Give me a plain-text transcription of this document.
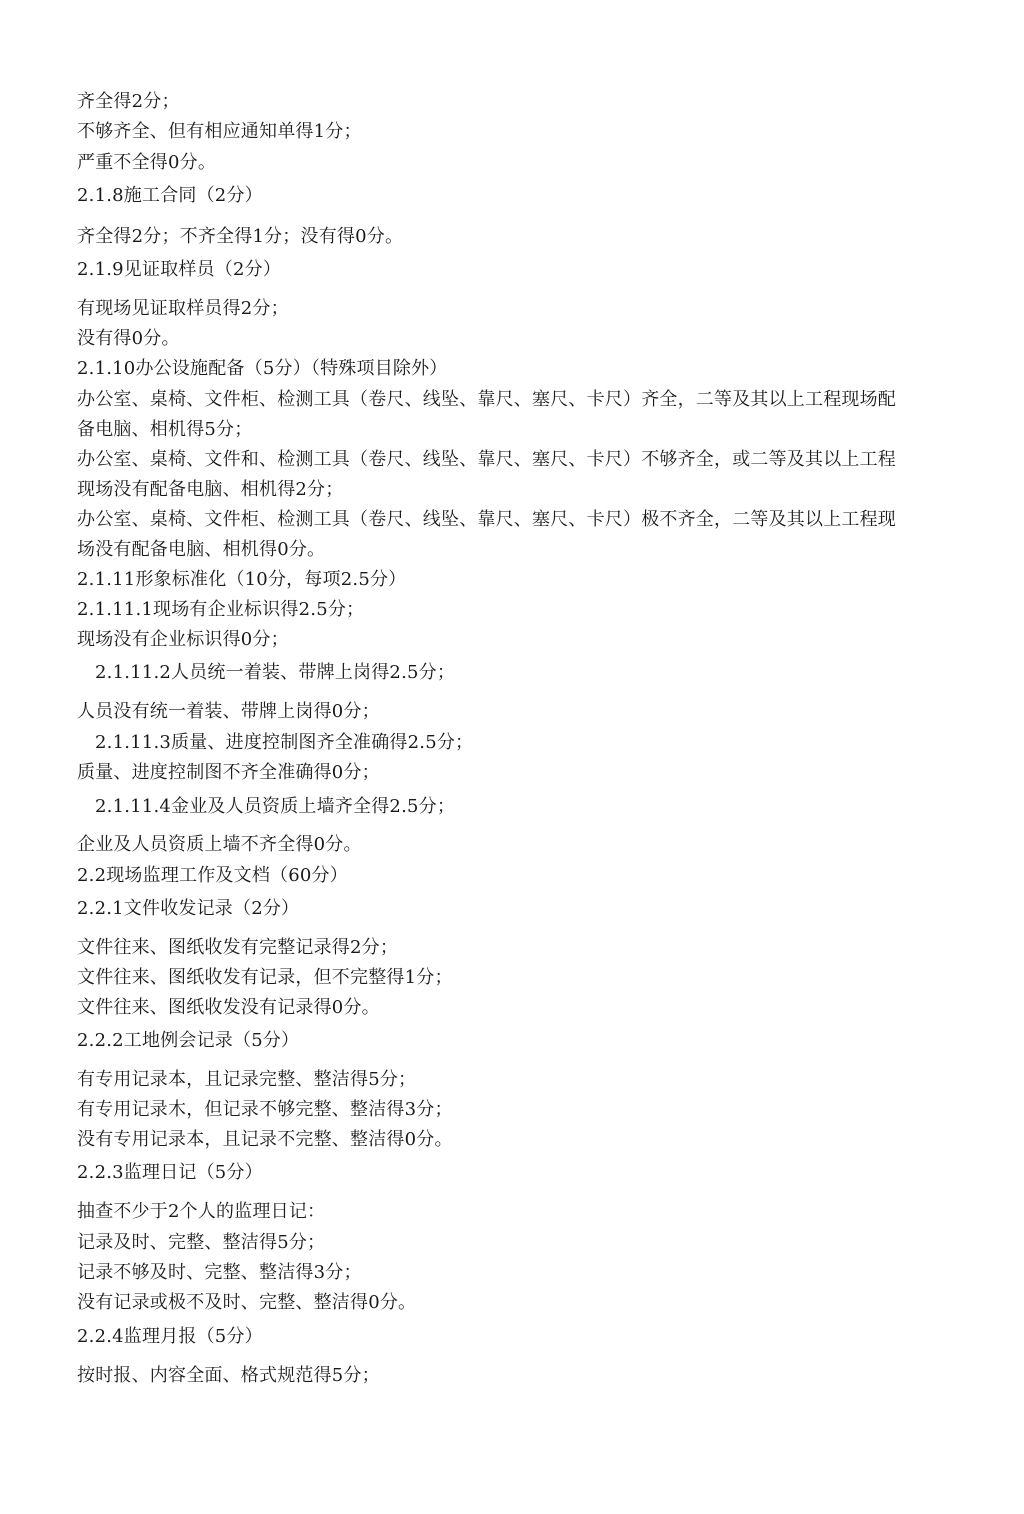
齐全得2分；
不够齐全、但有相应通知单得1分；
严重不全得0分。
2.1.8施工合同（2分）
齐全得2分；不齐全得1分；没有得0分。
2.1.9见证取样员（2分）
有现场见证取样员得2分；
没有得0分。
2.1.10办公设施配备（5分）（特殊项目除外）
办公室、桌椅、文件柜、检测工具（卷尺、线坠、靠尺、塞尺、卡尺）齐全，二等及其以上工程现场配
备电脑、相机得5分；
办公室、桌椅、文件和、检测工具（卷尺、线坠、靠尺、塞尺、卡尺）不够齐全，或二等及其以上工程
现场没有配备电脑、相机得2分；
办公室、桌椅、文件柜、检测工具（卷尺、线坠、靠尺、塞尺、卡尺）极不齐全，二等及其以上工程现
场没有配备电脑、相机得0分。
2.1.11形象标准化（10分，每项2.5分）
2.1.11.1现场有企业标识得2.5分；
现场没有企业标识得0分；
2.1.11.2人员统一着装、带牌上岗得2.5分；
人员没有统一着装、带牌上岗得0分；
2.1.11.3质量、进度控制图齐全准确得2.5分；
质量、进度控制图不齐全准确得0分；
2.1.11.4金业及人员资质上墙齐全得2.5分；
企业及人员资质上墙不齐全得0分。
2.2现场监理工作及文档（60分）
2.2.1文件收发记录（2分）
文件往来、图纸收发有完整记录得2分；
文件往来、图纸收发有记录，但不完整得1分；
文件往来、图纸收发没有记录得0分。
2.2.2工地例会记录（5分）
有专用记录本，且记录完整、整洁得5分；
有专用记录木，但记录不够完整、整洁得3分；
没有专用记录本，且记录不完整、整洁得0分。
2.2.3监理日记（5分）
抽查不少于2个人的监理日记：
记录及时、完整、整洁得5分；
记录不够及时、完整、整洁得3分；
没有记录或极不及时、完整、整洁得0分。
2.2.4监理月报（5分）
按时报、内容全面、格式规范得5分；
